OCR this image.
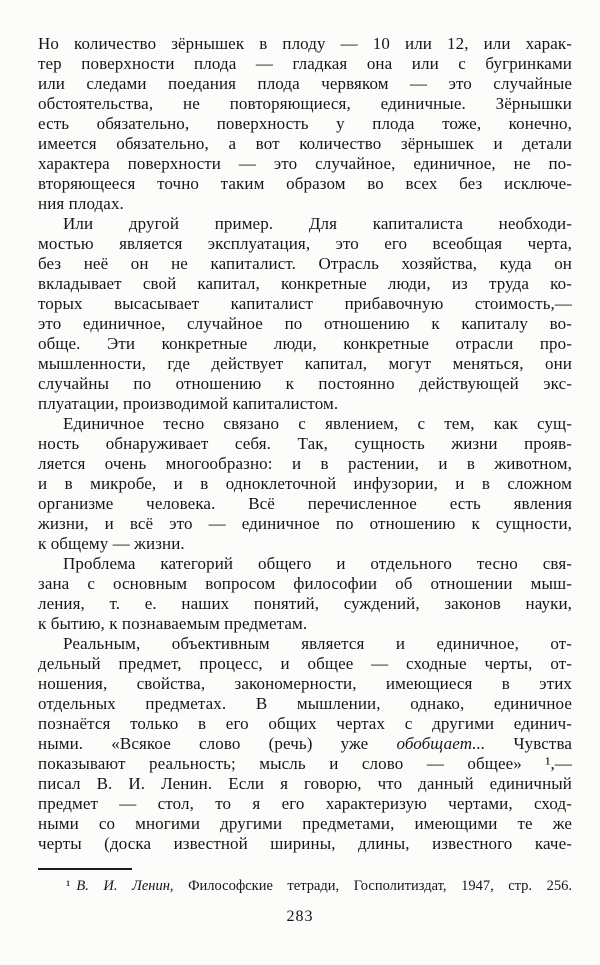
Но количество зёрнышек в плоду — 10 или 12, или харак-
тер поверхности плода — гладкая она или с бугринками
или следами поедания плода червяком — это случайные
обстоятельства, не повторяющиеся, единичные. Зёрнышки
есть обязательно, поверхность у плода тоже, конечно,
имеется обязательно, а вот количество зёрнышек и детали
характера поверхности — это случайное, единичное, не по-
вторяющееся точно таким образом во всех без исключе-
ния плодах.
Или другой пример. Для капиталиста необходи-
мостью является эксплуатация, это его всеобщая черта,
без неё он не капиталист. Отрасль хозяйства, куда он
вкладывает свой капитал, конкретные люди, из труда ко-
торых высасывает капиталист прибавочную стоимость,—
это единичное, случайное по отношению к капиталу во-
обще. Эти конкретные люди, конкретные отрасли про-
мышленности, где действует капитал, могут меняться, они
случайны по отношению к постоянно действующей экс-
плуатации, производимой капиталистом.
Единичное тесно связано с явлением, с тем, как сущ-
ность обнаруживает себя. Так, сущность жизни прояв-
ляется очень многообразно: и в растении, и в животном,
и в микробе, и в одноклеточной инфузории, и в сложном
организме человека. Всё перечисленное есть явления
жизни, и всё это — единичное по отношению к сущности,
к общему — жизни.
Проблема категорий общего и отдельного тесно свя-
зана с основным вопросом философии об отношении мыш-
ления, т. е. наших понятий, суждений, законов науки,
к бытию, к познаваемым предметам.
Реальным, объективным является и единичное, от-
дельный предмет, процесс, и общее — сходные черты, от-
ношения, свойства, закономерности, имеющиеся в этих
отдельных предметах. В мышлении, однако, единичное
познаётся только в его общих чертах с другими единич-
ными. «Всякое слово (речь) уже обобщает... Чувства
показывают реальность; мысль и слово — общее» ¹,—
писал В. И. Ленин. Если я говорю, что данный единичный
предмет — стол, то я его характеризую чертами, сход-
ными со многими другими предметами, имеющими те же
черты (доска известной ширины, длины, известного каче-
¹ В. И. Ленин, Философские тетради, Госполитиздат, 1947, стр. 256.
283
